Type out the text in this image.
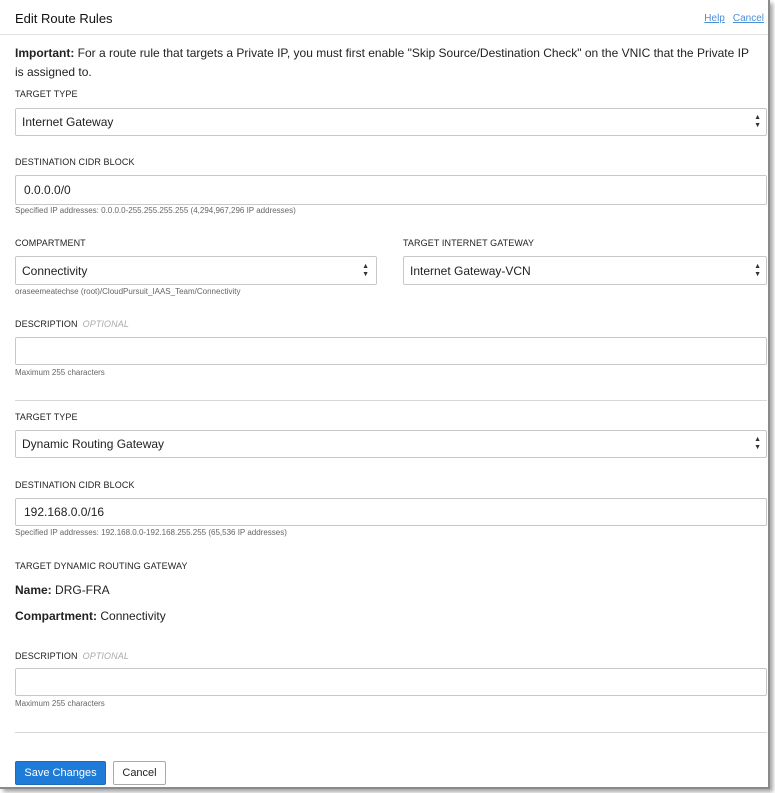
Edit Route Rules	Help Cancel
Important: For a route rule that targets a Private IP, you must first enable "Skip Source/Destination Check" on the VNIC that the Private IP is assigned to.
TARGET TYPE
Internet Gateway	▲
▼
DESTINATION CIDR BLOCK
0.0.0.0/0
Specified IP addresses: 0.0.0.0-255.255.255.255 (4,294,967,296 IP addresses)
COMPARTMENT
Connectivity	▲
▼
oraseemeatechse (root)/CloudPursuit_IAAS_Team/Connectivity
TARGET INTERNET GATEWAY
Internet Gateway-VCN	▲
▼
DESCRIPTION OPTIONAL
Maximum 255 characters
TARGET TYPE
Dynamic Routing Gateway	▲
▼
DESTINATION CIDR BLOCK
192.168.0.0/16
Specified IP addresses: 192.168.0.0-192.168.255.255 (65,536 IP addresses)
TARGET DYNAMIC ROUTING GATEWAY
Name: DRG-FRA
Compartment: Connectivity
DESCRIPTION OPTIONAL
Maximum 255 characters
Save Changes	Cancel
